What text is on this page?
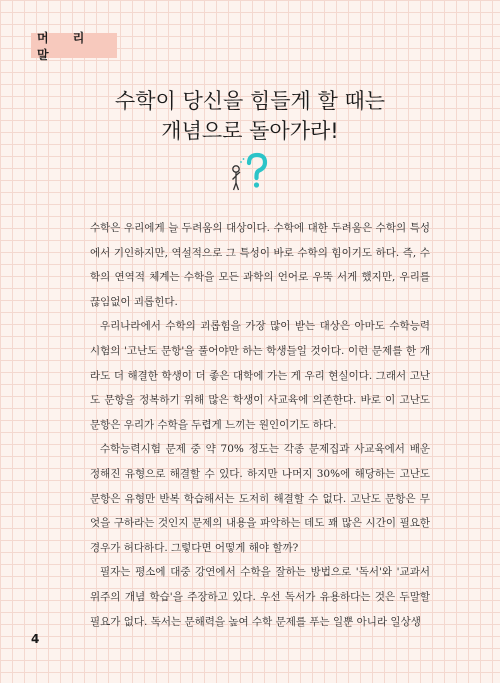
머 리 말
수학이 당신을 힘들게 할 때는
개념으로 돌아가라!

수학은 우리에게 늘 두려움의 대상이다. 수학에 대한 두려움은 수학의 특성에서 기인하지만, 역설적으로 그 특성이 바로 수학의 힘이기도 하다. 즉, 수학의 연역적 체계는 수학을 모든 과학의 언어로 우뚝 서게 했지만, 우리를 끊임없이 괴롭힌다.

우리나라에서 수학의 괴롭힘을 가장 많이 받는 대상은 아마도 수학능력시험의 '고난도 문항'을 풀어야만 하는 학생들일 것이다. 이런 문제를 한 개라도 더 해결한 학생이 더 좋은 대학에 가는 게 우리 현실이다. 그래서 고난도 문항을 정복하기 위해 많은 학생이 사교육에 의존한다. 바로 이 고난도 문항은 우리가 수학을 두렵게 느끼는 원인이기도 하다.

수학능력시험 문제 중 약 70% 정도는 각종 문제집과 사교육에서 배운 정해진 유형으로 해결할 수 있다. 하지만 나머지 30%에 해당하는 고난도 문항은 유형만 반복 학습해서는 도저히 해결할 수 없다. 고난도 문항은 무엇을 구하라는 것인지 문제의 내용을 파악하는 데도 꽤 많은 시간이 필요한 경우가 허다하다. 그렇다면 어떻게 해야 할까?

필자는 평소에 대중 강연에서 수학을 잘하는 방법으로 '독서'와 '교과서 위주의 개념 학습'을 주장하고 있다. 우선 독서가 유용하다는 것은 두말할 필요가 없다. 독서는 문해력을 높여 수학 문제를 푸는 일뿐 아니라 일상생

4
